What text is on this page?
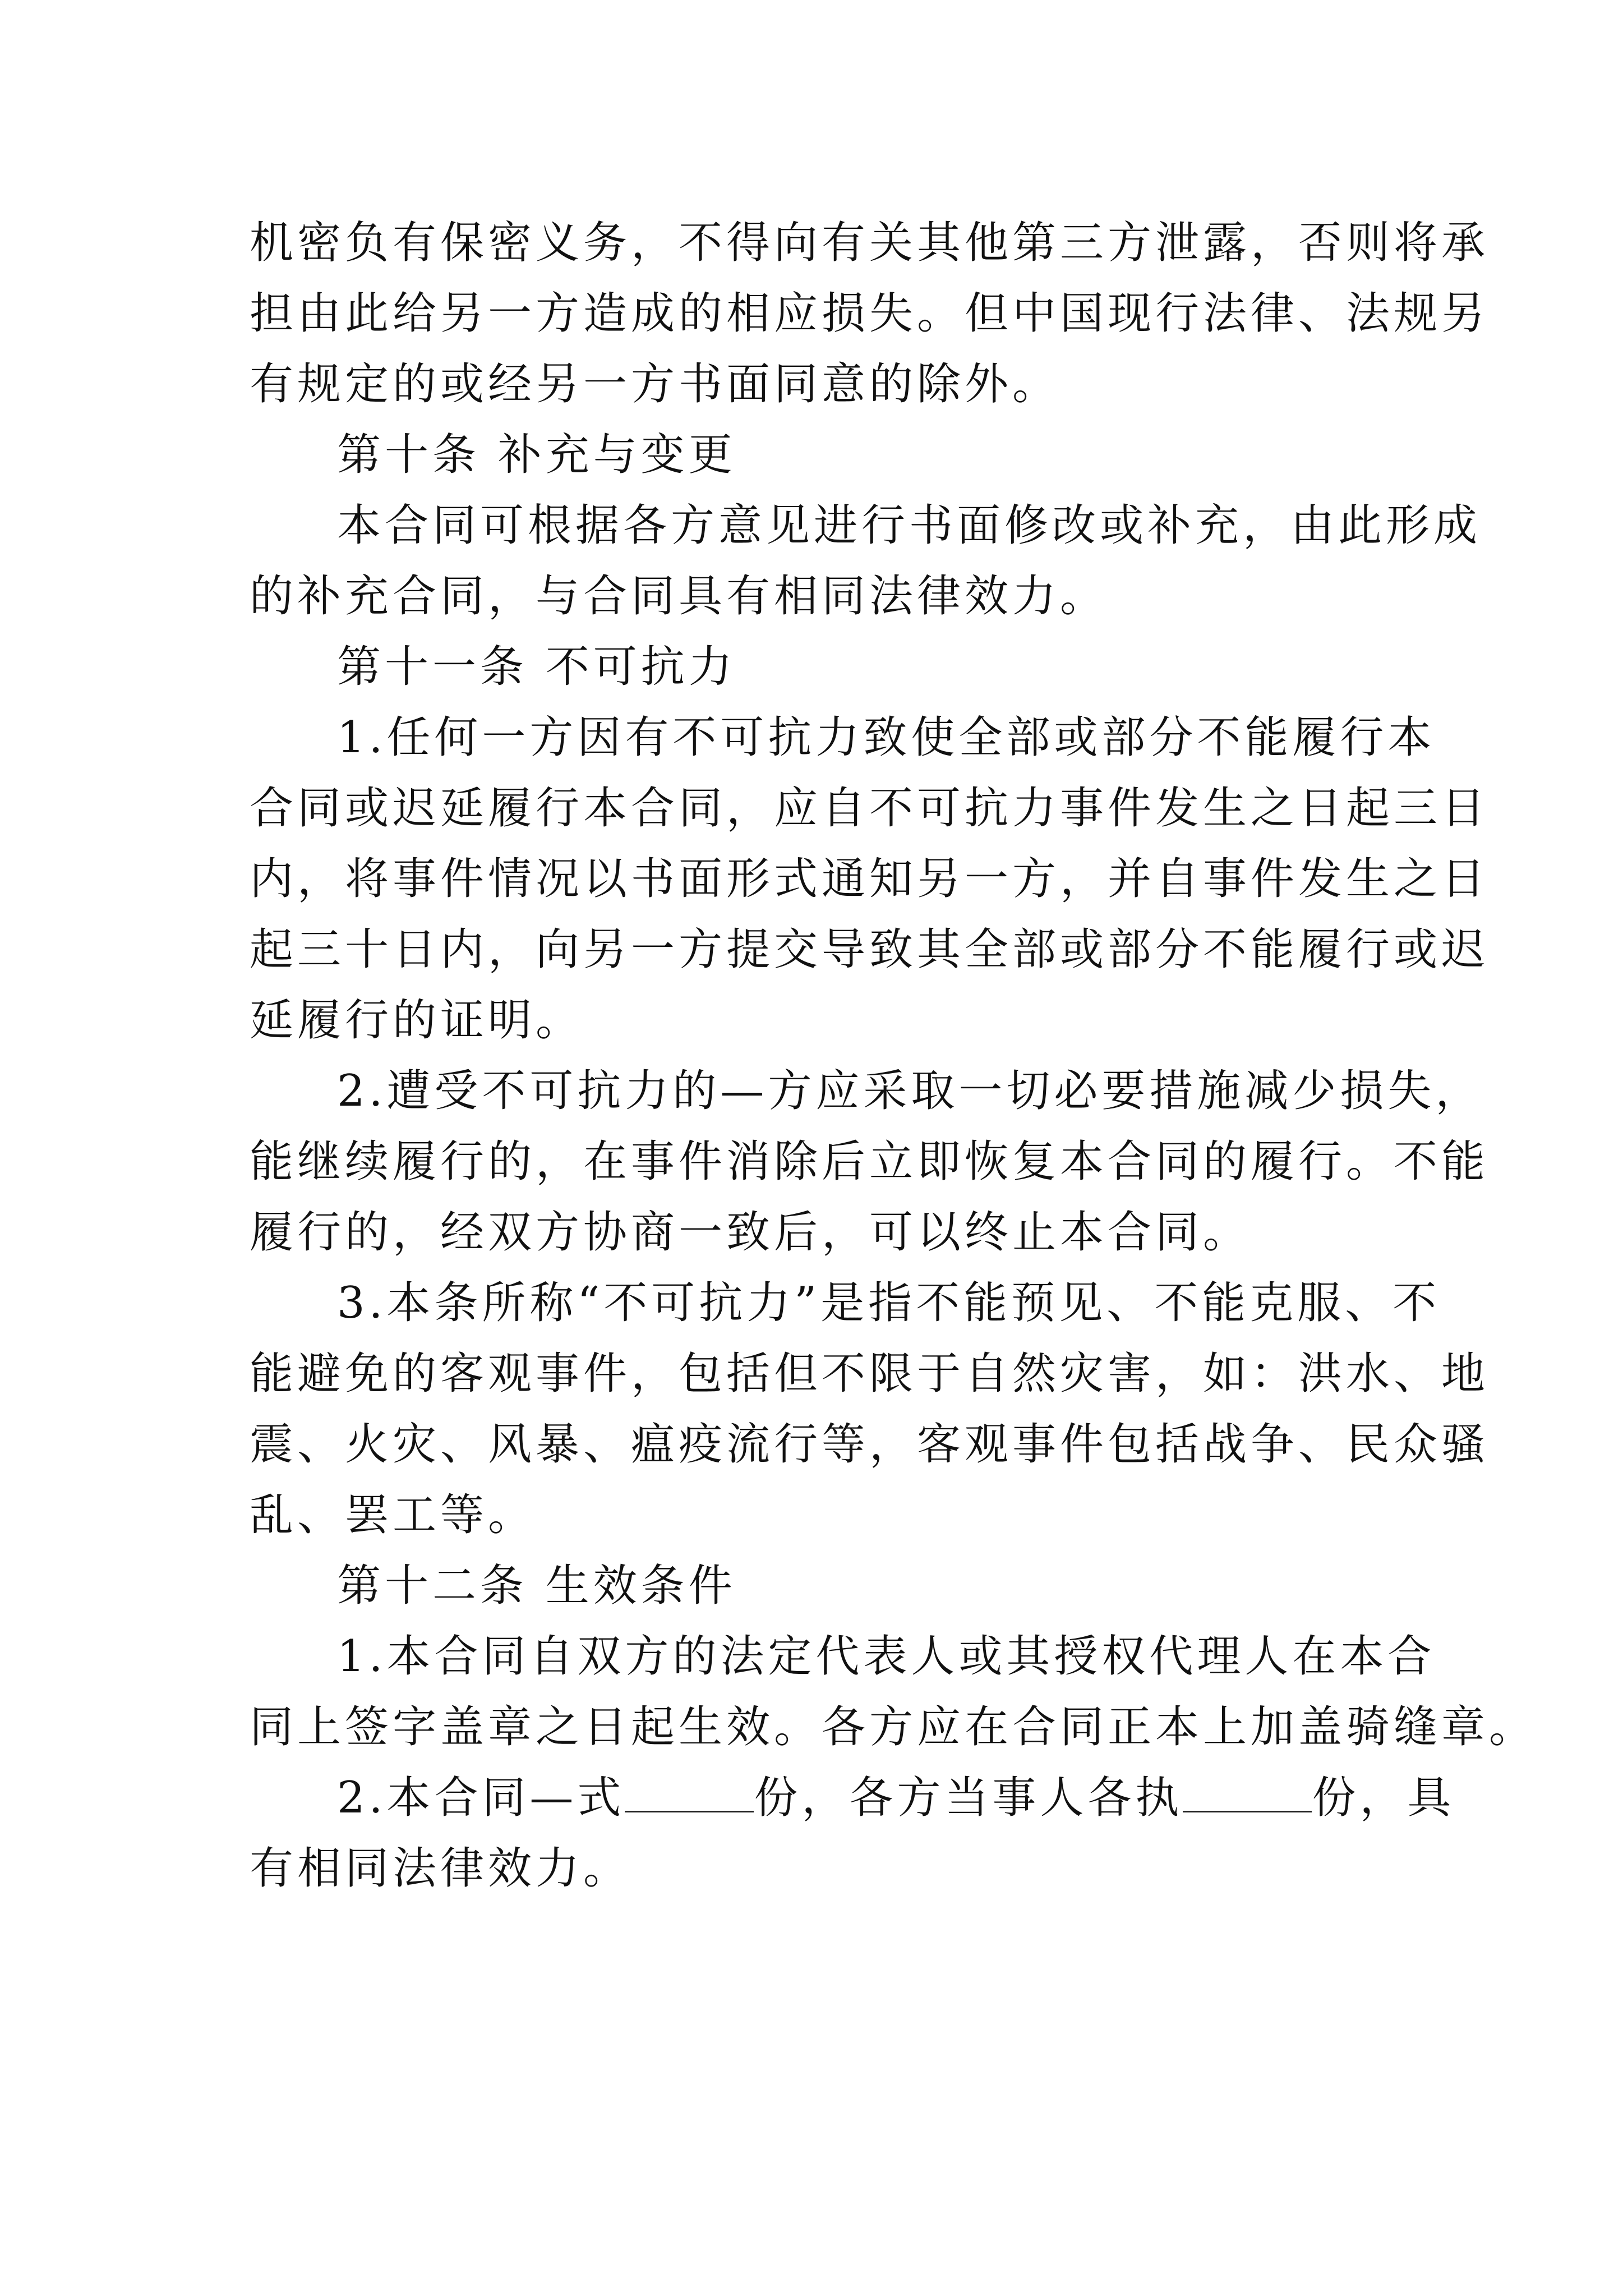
机密负有保密义务，不得向有关其他第三方泄露，否则将承
担由此给另一方造成的相应损失。但中国现行法律、法规另
有规定的或经另一方书面同意的除外。
第十条 补充与变更
本合同可根据各方意见进行书面修改或补充，由此形成
的补充合同，与合同具有相同法律效力。
第十一条 不可抗力
1.任何一方因有不可抗力致使全部或部分不能履行本
合同或迟延履行本合同，应自不可抗力事件发生之日起三日
内，将事件情况以书面形式通知另一方，并自事件发生之日
起三十日内，向另一方提交导致其全部或部分不能履行或迟
延履行的证明。
2.遭受不可抗力的—方应采取一切必要措施减少损失，
能继续履行的，在事件消除后立即恢复本合同的履行。不能
履行的，经双方协商一致后，可以终止本合同。
3.本条所称“不可抗力”是指不能预见、不能克服、不
能避免的客观事件，包括但不限于自然灾害，如：洪水、地
震、火灾、风暴、瘟疫流行等，客观事件包括战争、民众骚
乱、罢工等。
第十二条 生效条件
1.本合同自双方的法定代表人或其授权代理人在本合
同上签字盖章之日起生效。各方应在合同正本上加盖骑缝章。
2.本合同—式	份，各方当事人各执	份，具
有相同法律效力。
